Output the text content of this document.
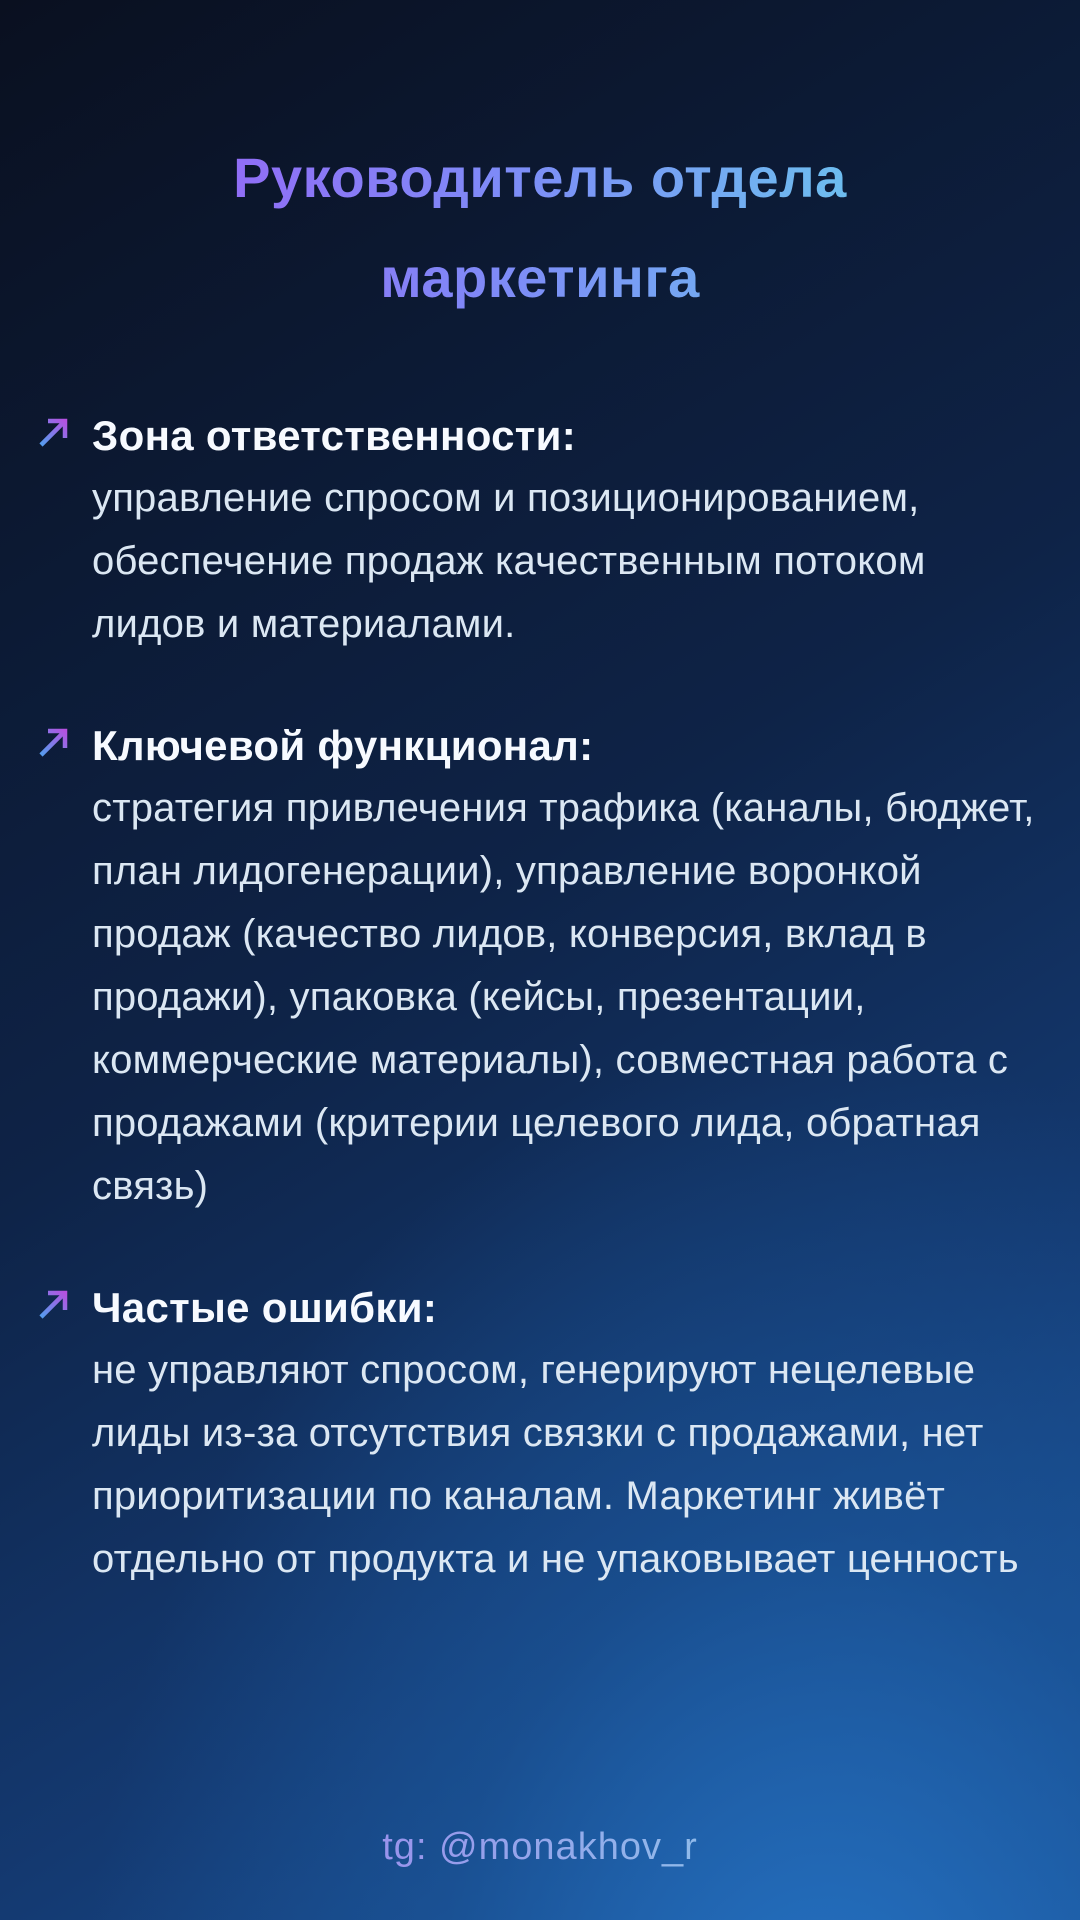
Руководитель отдела
маркетинга
Зона ответственности:

управление спросом и позиционированием, обеспечение продаж качественным потоком лидов и материалами.

Ключевой функционал:

стратегия привлечения трафика (каналы, бюджет, план лидогенерации), управление воронкой продаж (качество лидов, конверсия, вклад в продажи), упаковка (кейсы, презентации, коммерческие материалы), совместная работа с продажами (критерии целевого лида, обратная связь)

Частые ошибки:

не управляют спросом, генерируют нецелевые лиды из-за отсутствия связки с продажами, нет приоритизации по каналам. Маркетинг живёт отдельно от продукта и не упаковывает ценность

tg: @monakhov_r
